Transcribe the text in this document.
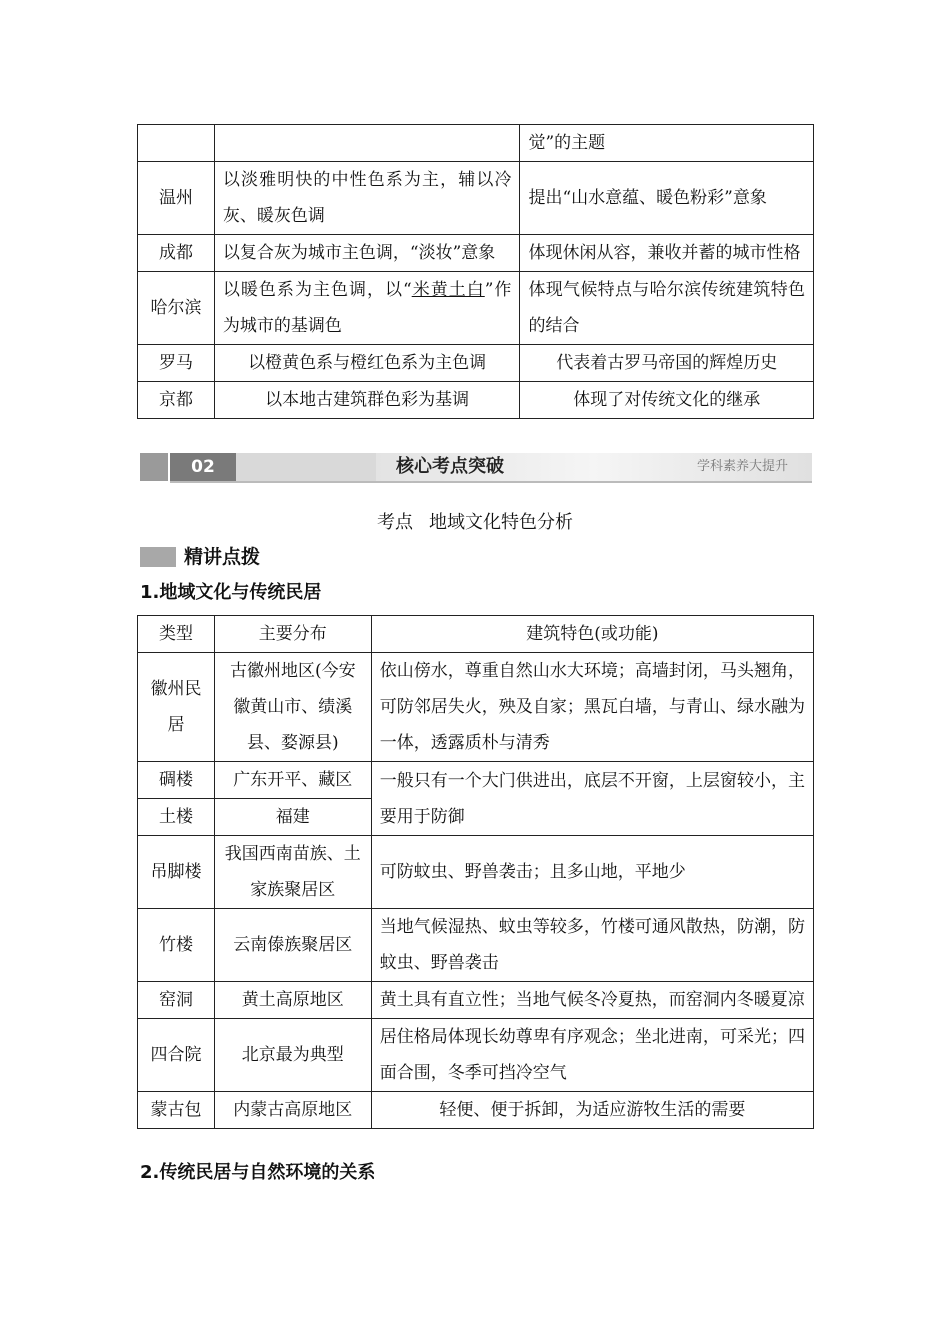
		觉”的主题
温州	以淡雅明快的中性色系为主，辅以冷灰、暖灰色调	提出“山水意蕴、暖色粉彩”意象
成都	以复合灰为城市主色调，“淡妆”意象	体现休闲从容，兼收并蓄的城市性格
哈尔滨	以暖色系为主色调，以“米黄土白”作为城市的基调色	体现气候特点与哈尔滨传统建筑特色的结合
罗马	以橙黄色系与橙红色系为主色调	代表着古罗马帝国的辉煌历史
京都	以本地古建筑群色彩为基调	体现了对传统文化的继承
02	核心考点突破	学科素养大提升
考点 地域文化特色分析
精讲点拨
1.地域文化与传统民居
类型	主要分布	建筑特色(或功能)
徽州民居	古徽州地区(今安徽黄山市、绩溪县、婺源县)	依山傍水，尊重自然山水大环境；高墙封闭，马头翘角，可防邻居失火，殃及自家；黑瓦白墙，与青山、绿水融为一体，透露质朴与清秀
碉楼	广东开平、藏区	一般只有一个大门供进出，底层不开窗，上层窗较小，主要用于防御
土楼	福建	
吊脚楼	我国西南苗族、土家族聚居区	可防蚊虫、野兽袭击；且多山地，平地少
竹楼	云南傣族聚居区	当地气候湿热、蚊虫等较多，竹楼可通风散热，防潮，防蚊虫、野兽袭击
窑洞	黄土高原地区	黄土具有直立性；当地气候冬冷夏热，而窑洞内冬暖夏凉
四合院	北京最为典型	居住格局体现长幼尊卑有序观念；坐北进南，可采光；四面合围，冬季可挡冷空气
蒙古包	内蒙古高原地区	轻便、便于拆卸，为适应游牧生活的需要
2.传统民居与自然环境的关系
